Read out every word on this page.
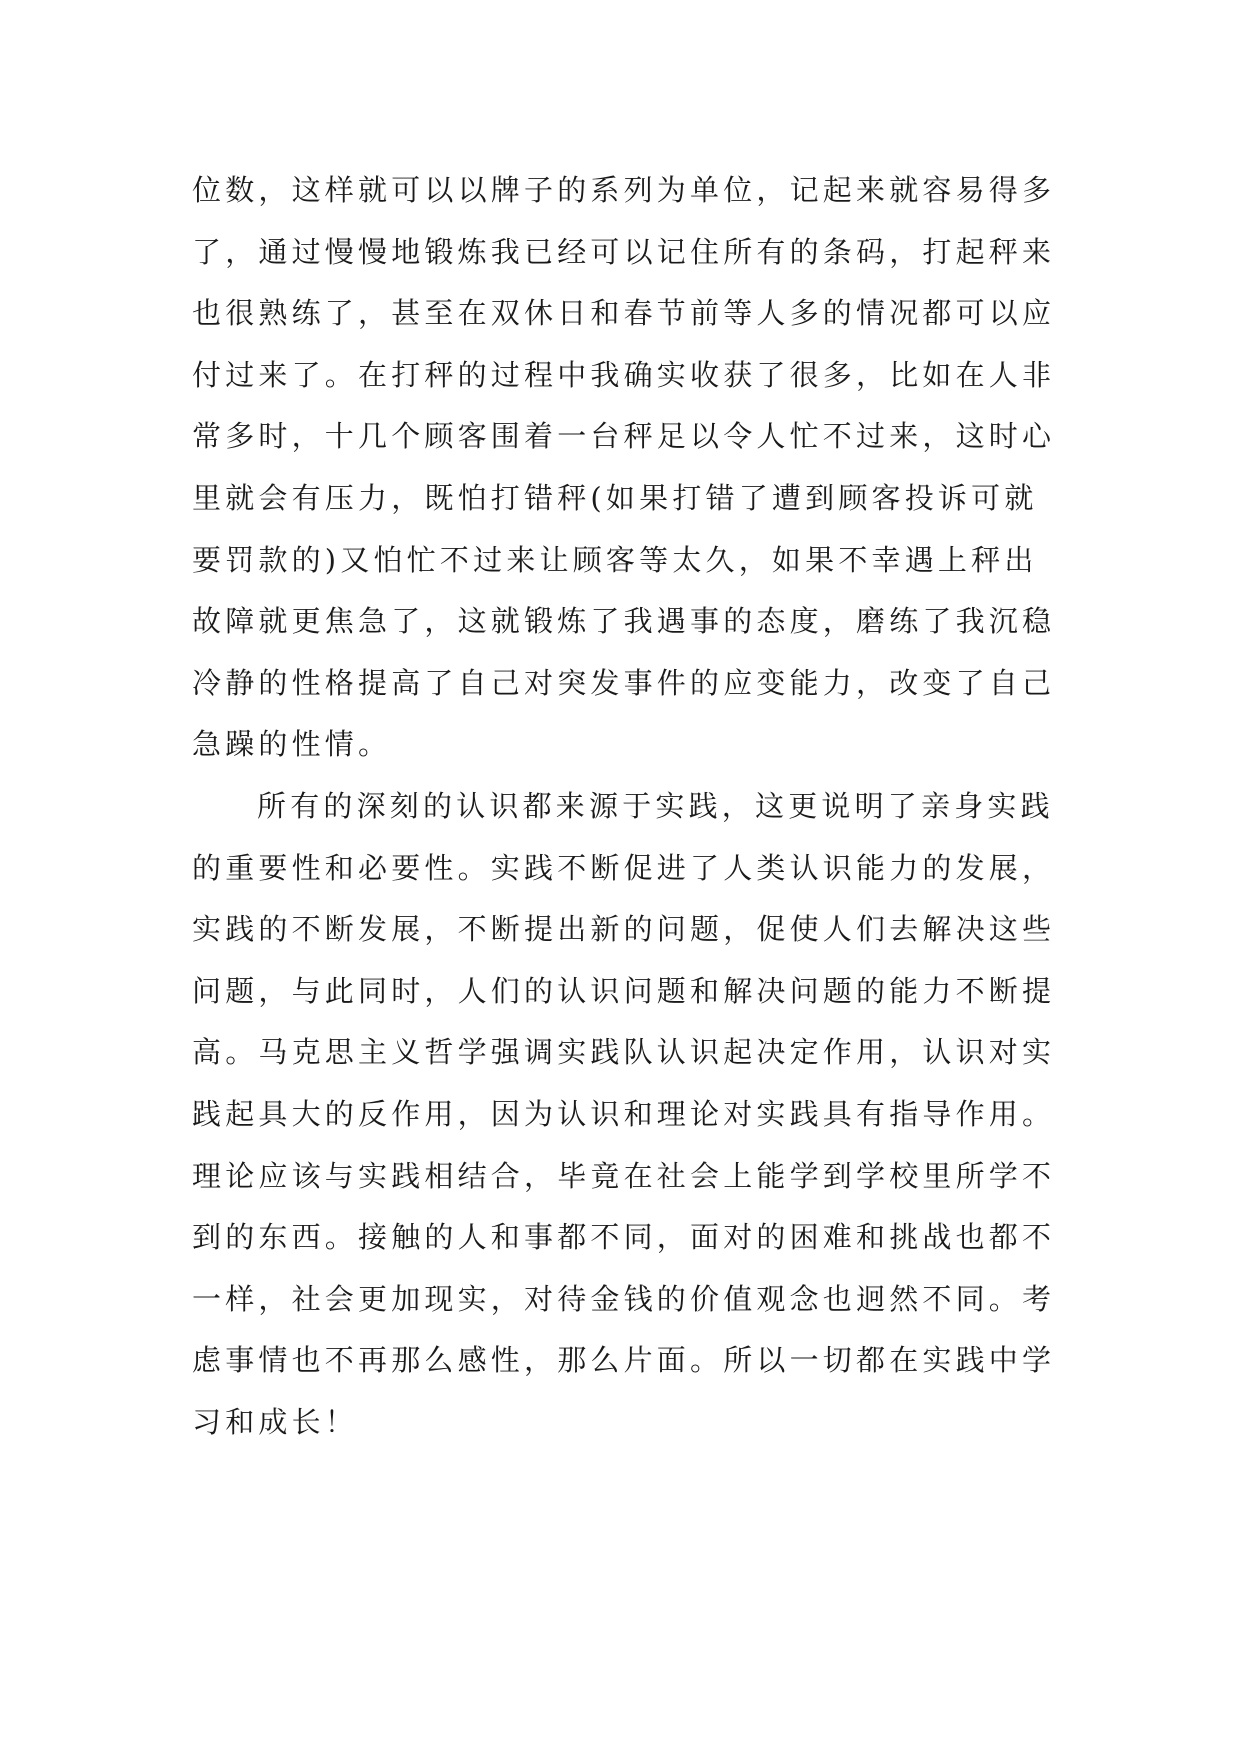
位数，这样就可以以牌子的系列为单位，记起来就容易得多

了，通过慢慢地锻炼我已经可以记住所有的条码，打起秤来

也很熟练了，甚至在双休日和春节前等人多的情况都可以应

付过来了。在打秤的过程中我确实收获了很多，比如在人非

常多时，十几个顾客围着一台秤足以令人忙不过来，这时心

里就会有压力，既怕打错秤(如果打错了遭到顾客投诉可就

要罚款的)又怕忙不过来让顾客等太久，如果不幸遇上秤出

故障就更焦急了，这就锻炼了我遇事的态度，磨练了我沉稳

冷静的性格提高了自己对突发事件的应变能力，改变了自己

急躁的性情。

所有的深刻的认识都来源于实践，这更说明了亲身实践

的重要性和必要性。实践不断促进了人类认识能力的发展，

实践的不断发展，不断提出新的问题，促使人们去解决这些

问题，与此同时，人们的认识问题和解决问题的能力不断提

高。马克思主义哲学强调实践队认识起决定作用，认识对实

践起具大的反作用，因为认识和理论对实践具有指导作用。

理论应该与实践相结合，毕竟在社会上能学到学校里所学不

到的东西。接触的人和事都不同，面对的困难和挑战也都不

一样，社会更加现实，对待金钱的价值观念也迥然不同。考

虑事情也不再那么感性，那么片面。所以一切都在实践中学

习和成长！
